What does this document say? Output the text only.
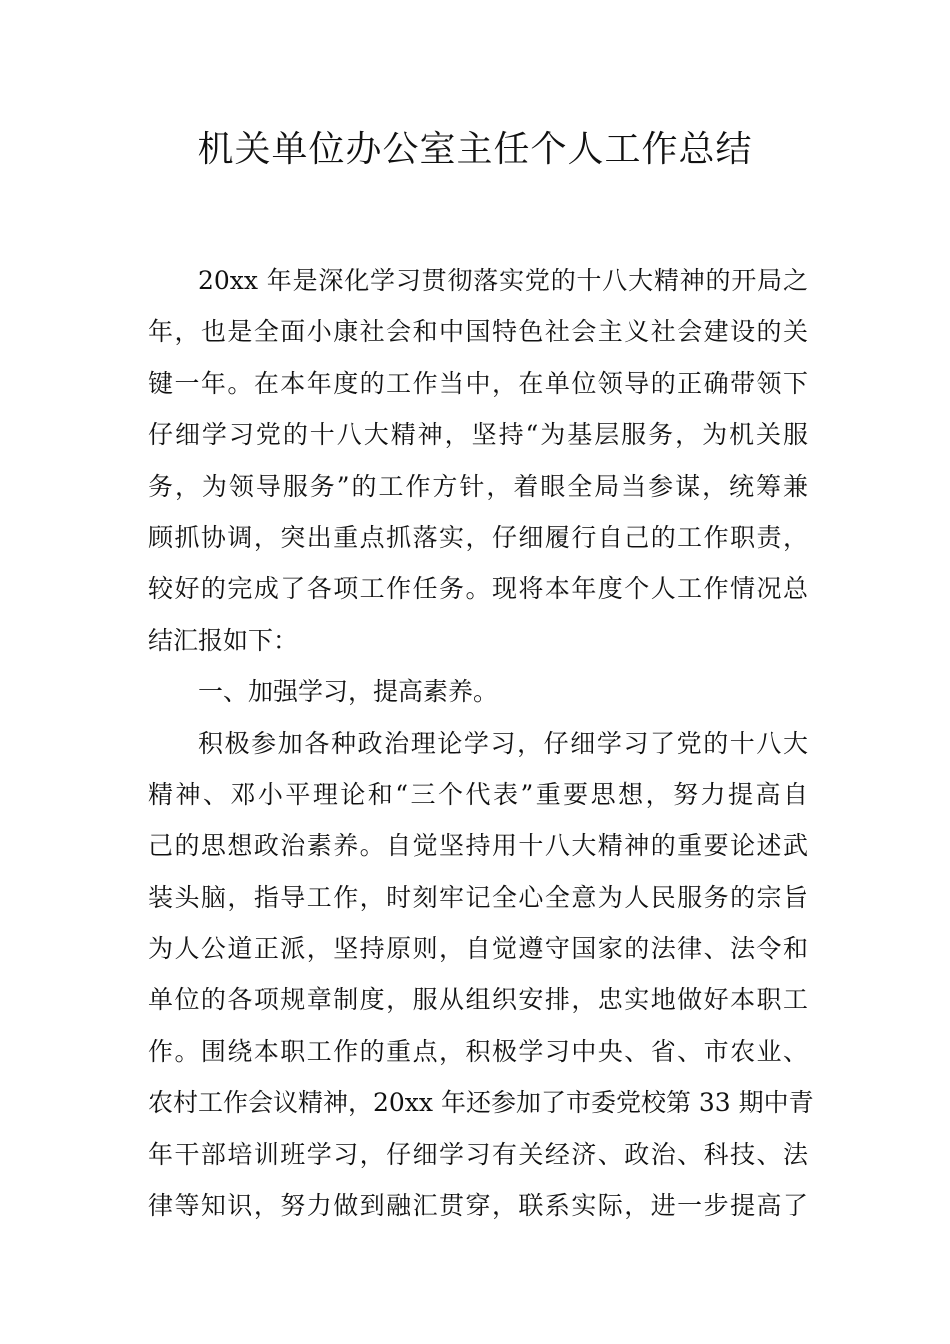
机关单位办公室主任个人工作总结
20xx 年是深化学习贯彻落实党的十八大精神的开局之
年，也是全面小康社会和中国特色社会主义社会建设的关
键一年。在本年度的工作当中，在单位领导的正确带领下
仔细学习党的十八大精神，坚持“为基层服务，为机关服
务，为领导服务”的工作方针，着眼全局当参谋，统筹兼
顾抓协调，突出重点抓落实，仔细履行自己的工作职责，
较好的完成了各项工作任务。现将本年度个人工作情况总
结汇报如下：
一、加强学习，提高素养。
积极参加各种政治理论学习，仔细学习了党的十八大
精神、邓小平理论和“三个代表”重要思想，努力提高自
己的思想政治素养。自觉坚持用十八大精神的重要论述武
装头脑，指导工作，时刻牢记全心全意为人民服务的宗旨
为人公道正派，坚持原则，自觉遵守国家的法律、法令和
单位的各项规章制度，服从组织安排，忠实地做好本职工
作。围绕本职工作的重点，积极学习中央、省、市农业、
农村工作会议精神，20xx 年还参加了市委党校第 33 期中青
年干部培训班学习，仔细学习有关经济、政治、科技、法
律等知识，努力做到融汇贯穿，联系实际，进一步提高了
